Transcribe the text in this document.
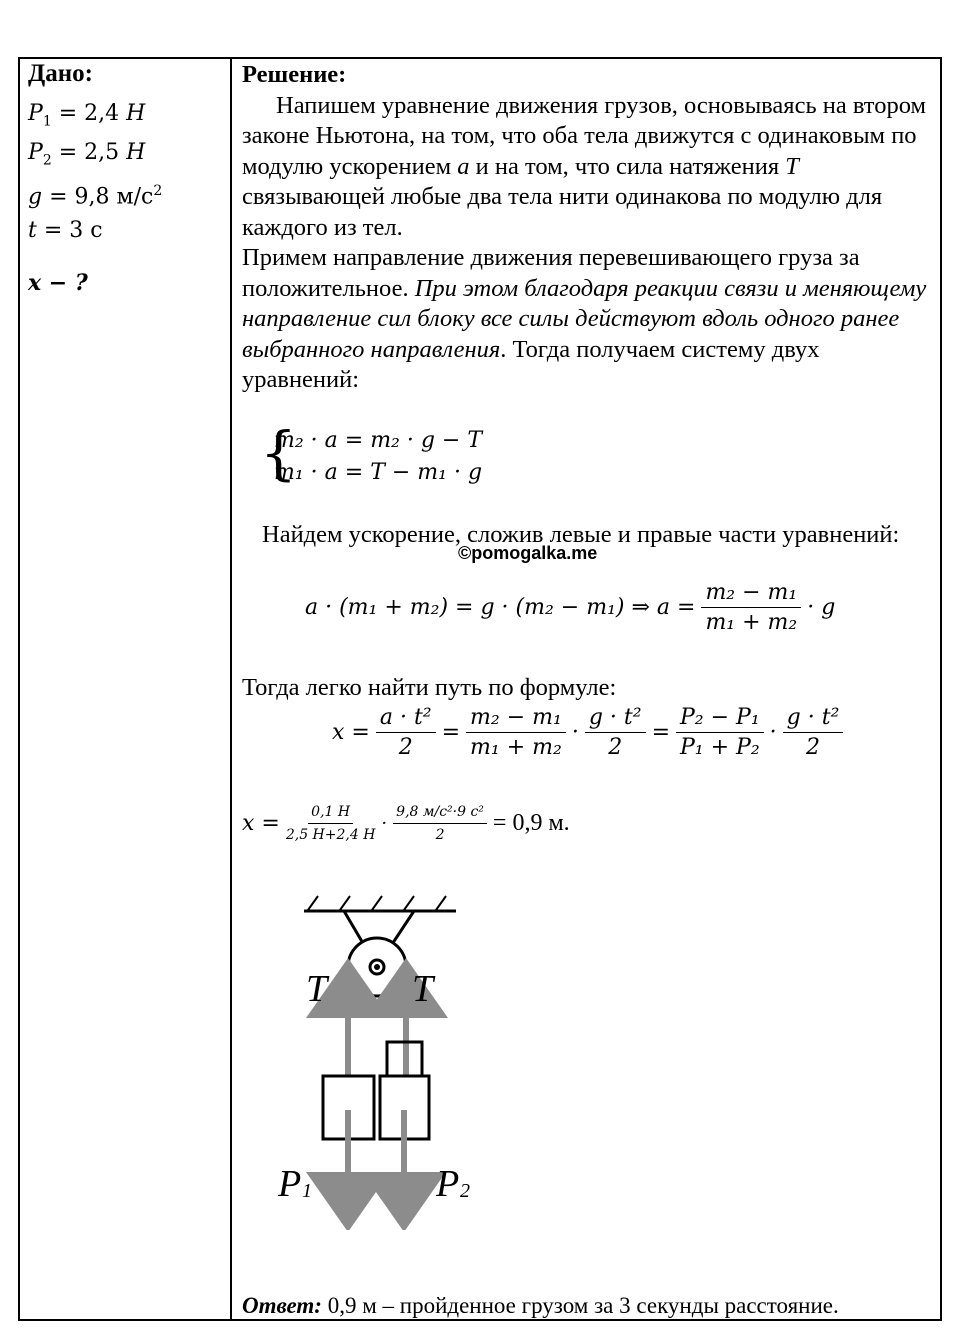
Дано:
$P_1 = 2,4$ H
$P_2 = 2,5$ H
g = 9,8 $м/с^2$
t = 3 с
x − ?
Решение:

Напишем уравнение движения грузов, основываясь на втором законе Ньютона, на том, что оба тела движутся с одинаковым по модулю ускорением a и на том, что сила натяжения T связывающей любые два тела нити одинакова по модулю для каждого из тел.

Примем направление движения перевешивающего груза за положительное. При этом благодаря реакции связи и меняющему направление сил блоку все силы действуют вдоль одного ранее выбранного направления. Тогда получаем систему двух уравнений:

{
m₂ · a = m₂ · g − T
m₁ · a = T − m₁ · g
Найдем ускорение, сложив левые и правые части уравнений:
©pomogalka.me
a · (m₁ + m₂) = g · (m₂ − m₁) ⇒ $a = \frac{\text{m₂ − m₁}}{\text{m₁ + m₂}} \cdot g$
Тогда легко найти путь по формуле:
$x = \frac{\text{a · t²}}{2} = \frac{\text{m₂ − m₁}}{\text{m₁ + m₂}} \cdot \frac{\text{g · t²}}{2} = \frac{\text{P₂ − P₁}}{\text{P₁ + P₂}} \cdot \frac{\text{g · t²}}{2}$
$x = \frac{0,1 H}{2,5 H+2,4 H} \cdot \frac{\text{9,8 м/с²·9 с²}}{2} = 0,9$ м.
T T
P 1	P 2
Ответ: 0,9 м – пройденное грузом за 3 секунды расстояние.
